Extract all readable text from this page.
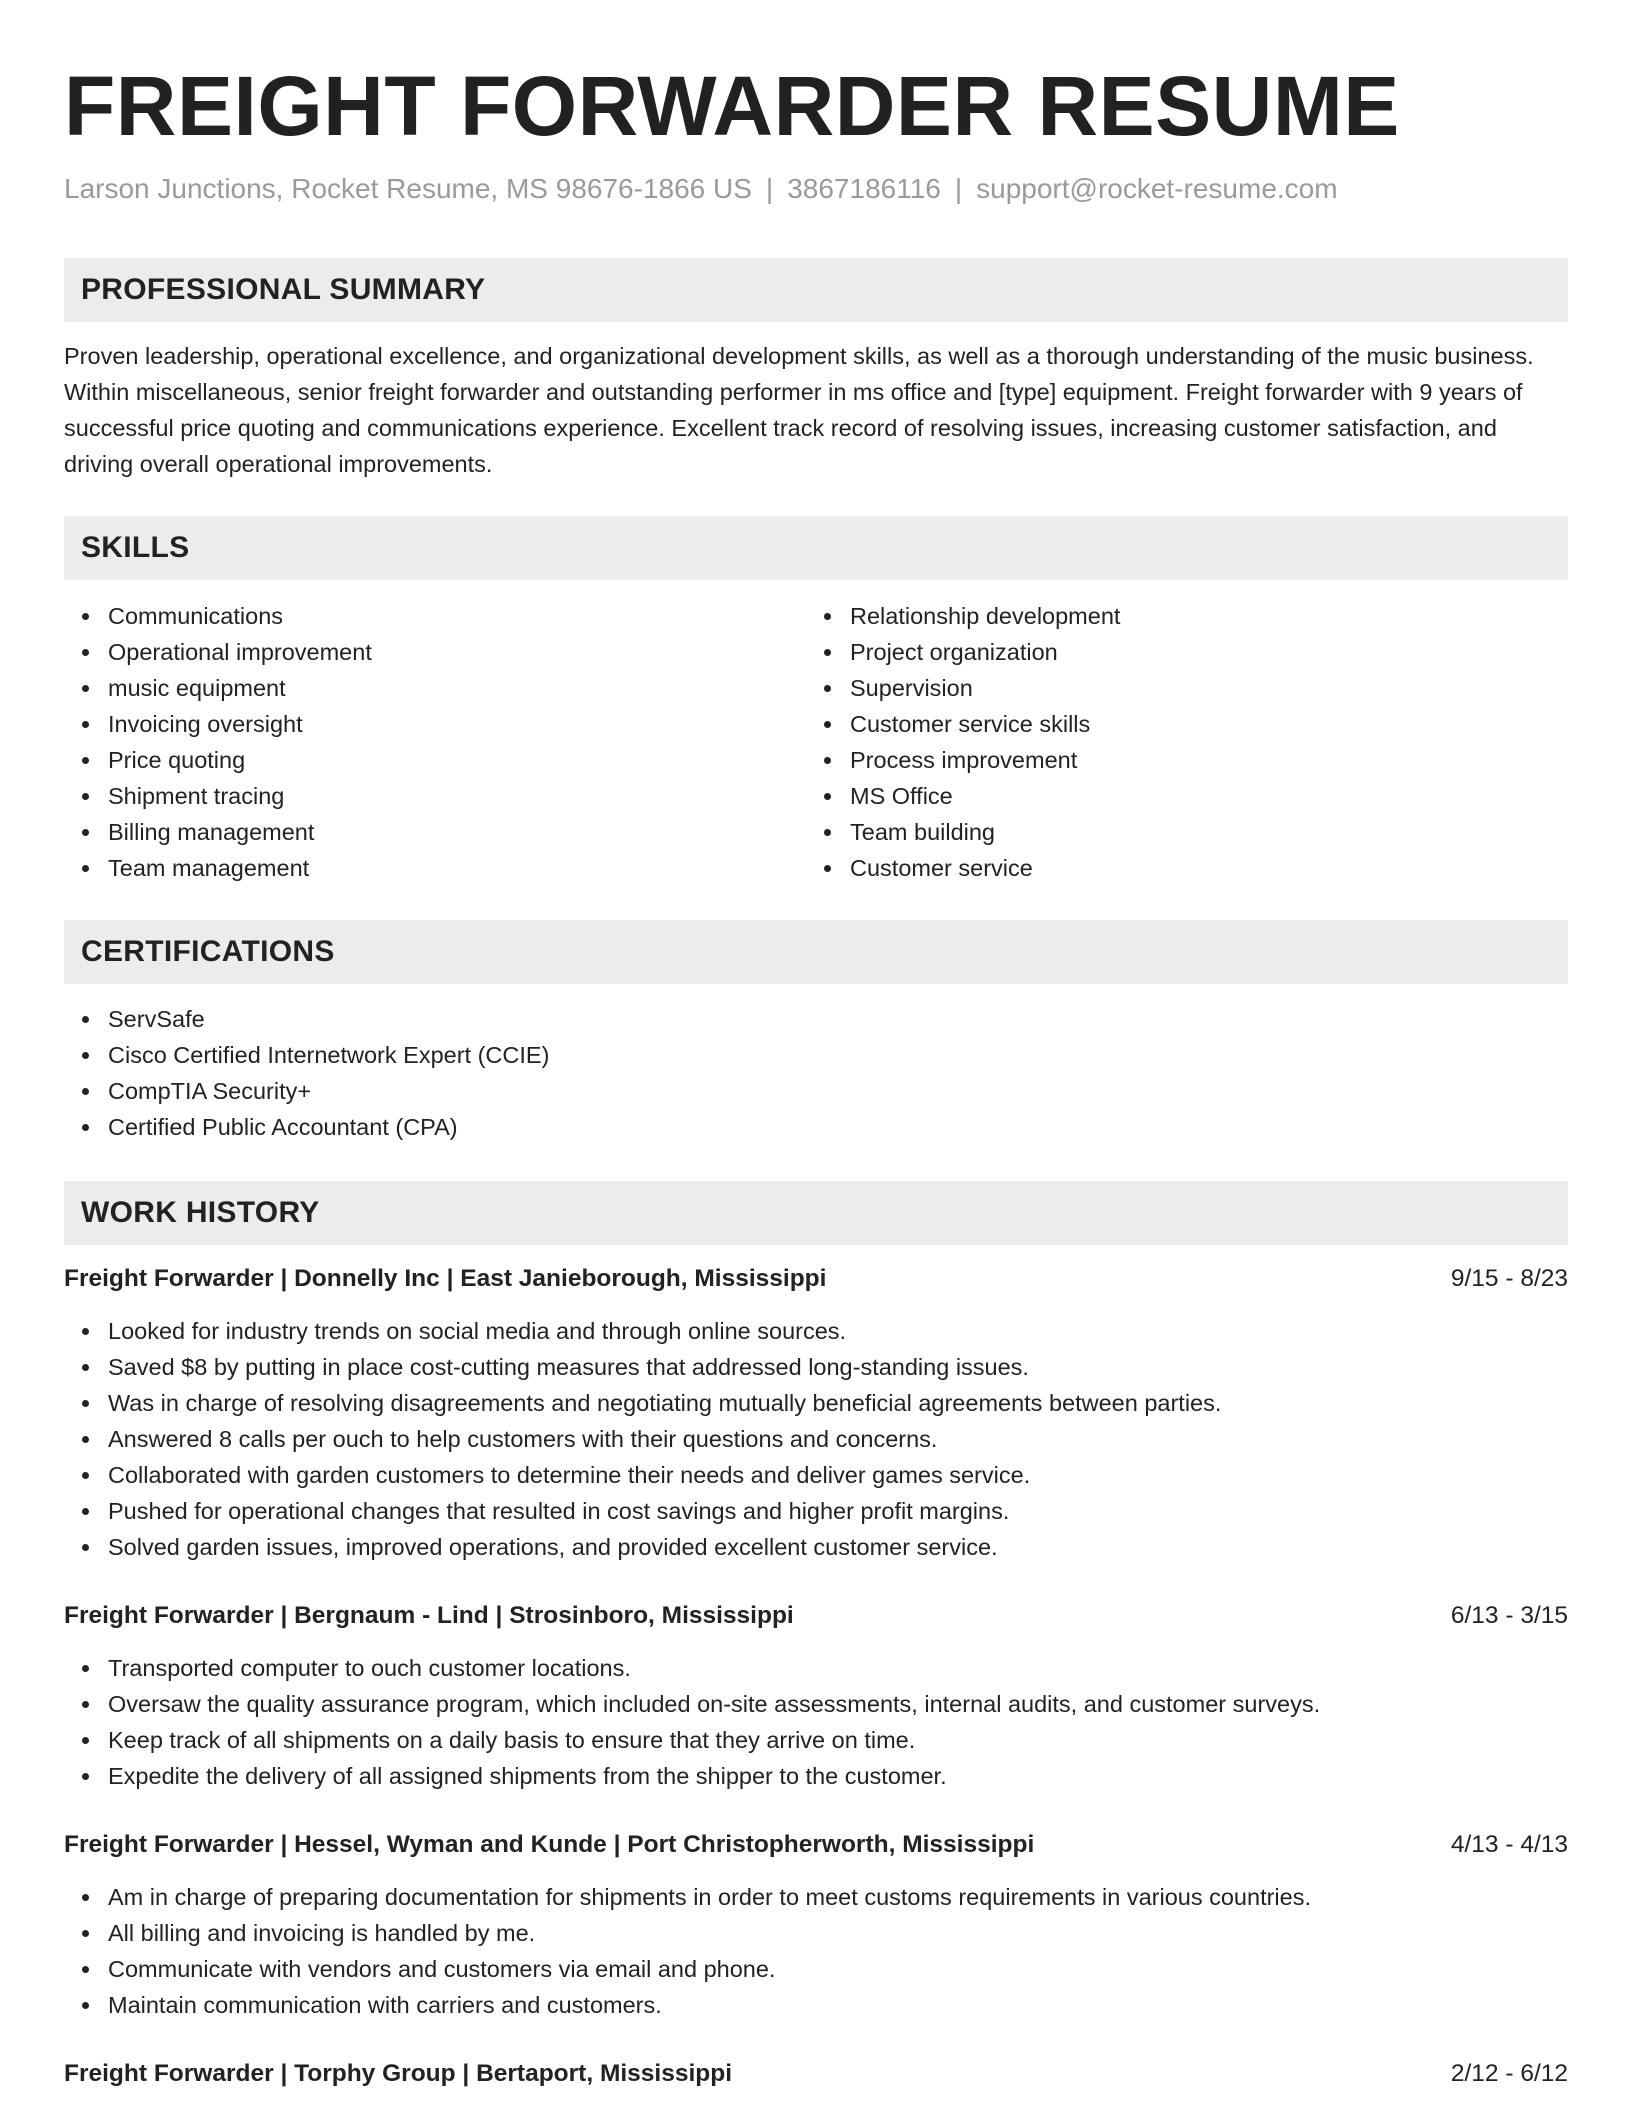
FREIGHT FORWARDER RESUME
Larson Junctions, Rocket Resume, MS 98676-1866 US | 3867186116 | support@rocket-resume.com
PROFESSIONAL SUMMARY

Proven leadership, operational excellence, and organizational development skills, as well as a thorough understanding of the music business. Within miscellaneous, senior freight forwarder and outstanding performer in ms office and [type] equipment. Freight forwarder with 9 years of successful price quoting and communications experience. Excellent track record of resolving issues, increasing customer satisfaction, and driving overall operational improvements.

SKILLS
Communications
Operational improvement
music equipment
Invoicing oversight
Price quoting
Shipment tracing
Billing management
Team management
Relationship development
Project organization
Supervision
Customer service skills
Process improvement
MS Office
Team building
Customer service
CERTIFICATIONS
ServSafe
Cisco Certified Internetwork Expert (CCIE)
CompTIA Security+
Certified Public Accountant (CPA)
WORK HISTORY
Freight Forwarder | Donnelly Inc | East Janieborough, Mississippi	9/15 - 8/23
Looked for industry trends on social media and through online sources.
Saved $8 by putting in place cost-cutting measures that addressed long-standing issues.
Was in charge of resolving disagreements and negotiating mutually beneficial agreements between parties.
Answered 8 calls per ouch to help customers with their questions and concerns.
Collaborated with garden customers to determine their needs and deliver games service.
Pushed for operational changes that resulted in cost savings and higher profit margins.
Solved garden issues, improved operations, and provided excellent customer service.
Freight Forwarder | Bergnaum - Lind | Strosinboro, Mississippi	6/13 - 3/15
Transported computer to ouch customer locations.
Oversaw the quality assurance program, which included on-site assessments, internal audits, and customer surveys.
Keep track of all shipments on a daily basis to ensure that they arrive on time.
Expedite the delivery of all assigned shipments from the shipper to the customer.
Freight Forwarder | Hessel, Wyman and Kunde | Port Christopherworth, Mississippi	4/13 - 4/13
Am in charge of preparing documentation for shipments in order to meet customs requirements in various countries.
All billing and invoicing is handled by me.
Communicate with vendors and customers via email and phone.
Maintain communication with carriers and customers.
Freight Forwarder | Torphy Group | Bertaport, Mississippi	2/12 - 6/12
